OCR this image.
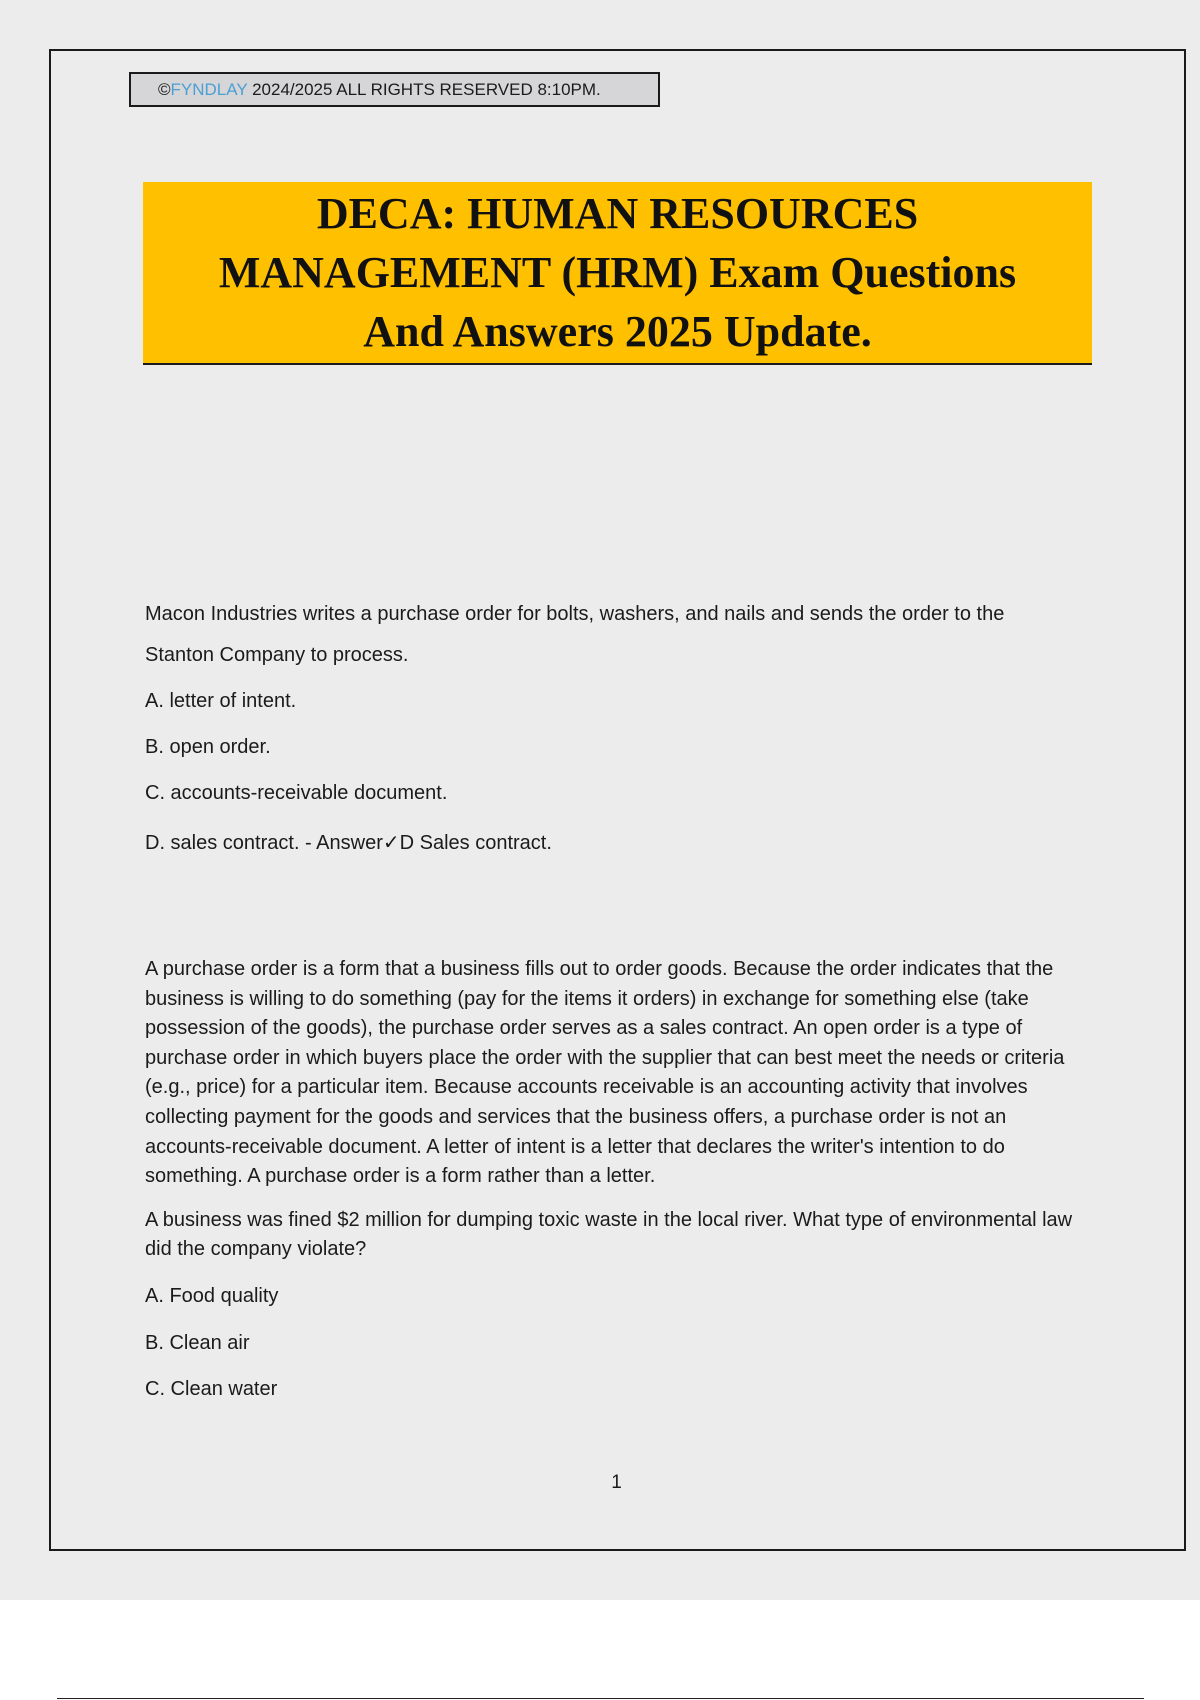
©FYNDLAY 2024/2025 ALL RIGHTS RESERVED 8:10PM.
DECA: HUMAN RESOURCES
MANAGEMENT (HRM) Exam Questions
And Answers 2025 Update.

Macon Industries writes a purchase order for bolts, washers, and nails and sends the order to the

Stanton Company to process.

A. letter of intent.

B. open order.

C. accounts-receivable document.

D. sales contract. - Answer✓D Sales contract.

A purchase order is a form that a business fills out to order goods. Because the order indicates that the business is willing to do something (pay for the items it orders) in exchange for something else (take possession of the goods), the purchase order serves as a sales contract. An open order is a type of purchase order in which buyers place the order with the supplier that can best meet the needs or criteria (e.g., price) for a particular item. Because accounts receivable is an accounting activity that involves collecting payment for the goods and services that the business offers, a purchase order is not an accounts-receivable document. A letter of intent is a letter that declares the writer's intention to do something. A purchase order is a form rather than a letter.

A business was fined $2 million for dumping toxic waste in the local river. What type of environmental law did the company violate?

A. Food quality

B. Clean air

C. Clean water

1
